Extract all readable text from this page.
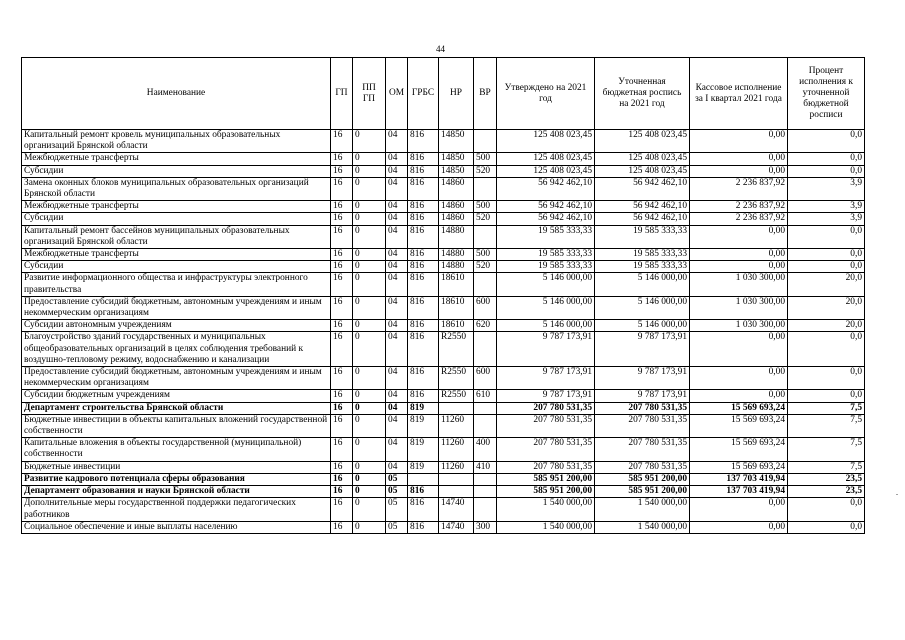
44
Наименование	ГП	ПП ГП	ОМ	ГРБС	НР	ВР	Утверждено на 2021 год	Уточненная бюджетная роспись на 2021 год	Кассовое исполнение за I квартал 2021 года	Процент исполнения к уточненной бюджетной росписи
Капитальный ремонт кровель муниципальных образовательных организаций Брянской области	16	0	04	816	14850		125 408 023,45	125 408 023,45	0,00	0,0
Межбюджетные трансферты	16	0	04	816	14850	500	125 408 023,45	125 408 023,45	0,00	0,0
Субсидии	16	0	04	816	14850	520	125 408 023,45	125 408 023,45	0,00	0,0
Замена оконных блоков муниципальных образовательных организаций Брянской области	16	0	04	816	14860		56 942 462,10	56 942 462,10	2 236 837,92	3,9
Межбюджетные трансферты	16	0	04	816	14860	500	56 942 462,10	56 942 462,10	2 236 837,92	3,9
Субсидии	16	0	04	816	14860	520	56 942 462,10	56 942 462,10	2 236 837,92	3,9
Капитальный ремонт бассейнов муниципальных образовательных организаций Брянской области	16	0	04	816	14880		19 585 333,33	19 585 333,33	0,00	0,0
Межбюджетные трансферты	16	0	04	816	14880	500	19 585 333,33	19 585 333,33	0,00	0,0
Субсидии	16	0	04	816	14880	520	19 585 333,33	19 585 333,33	0,00	0,0
Развитие информационного общества и инфраструктуры электронного правительства	16	0	04	816	18610		5 146 000,00	5 146 000,00	1 030 300,00	20,0
Предоставление субсидий бюджетным, автономным учреждениям и иным некоммерческим организациям	16	0	04	816	18610	600	5 146 000,00	5 146 000,00	1 030 300,00	20,0
Субсидии автономным учреждениям	16	0	04	816	18610	620	5 146 000,00	5 146 000,00	1 030 300,00	20,0
Благоустройство зданий государственных и муниципальных общеобразовательных организаций в целях соблюдения требований к воздушно-тепловому режиму, водоснабжению и канализации	16	0	04	816	R2550		9 787 173,91	9 787 173,91	0,00	0,0
Предоставление субсидий бюджетным, автономным учреждениям и иным некоммерческим организациям	16	0	04	816	R2550	600	9 787 173,91	9 787 173,91	0,00	0,0
Субсидии бюджетным учреждениям	16	0	04	816	R2550	610	9 787 173,91	9 787 173,91	0,00	0,0
Департамент строительства Брянской области	16	0	04	819			207 780 531,35	207 780 531,35	15 569 693,24	7,5
Бюджетные инвестиции в объекты капитальных вложений государственной собственности	16	0	04	819	11260		207 780 531,35	207 780 531,35	15 569 693,24	7,5
Капитальные вложения в объекты государственной (муниципальной) собственности	16	0	04	819	11260	400	207 780 531,35	207 780 531,35	15 569 693,24	7,5
Бюджетные инвестиции	16	0	04	819	11260	410	207 780 531,35	207 780 531,35	15 569 693,24	7,5
Развитие кадрового потенциала сферы образования	16	0	05				585 951 200,00	585 951 200,00	137 703 419,94	23,5
Департамент образования и науки Брянской области	16	0	05	816			585 951 200,00	585 951 200,00	137 703 419,94	23,5
Дополнительные меры государственной поддержки педагогических работников	16	0	05	816	14740		1 540 000,00	1 540 000,00	0,00	0,0
Социальное обеспечение и иные выплаты населению	16	0	05	816	14740	300	1 540 000,00	1 540 000,00	0,00	0,0
.
